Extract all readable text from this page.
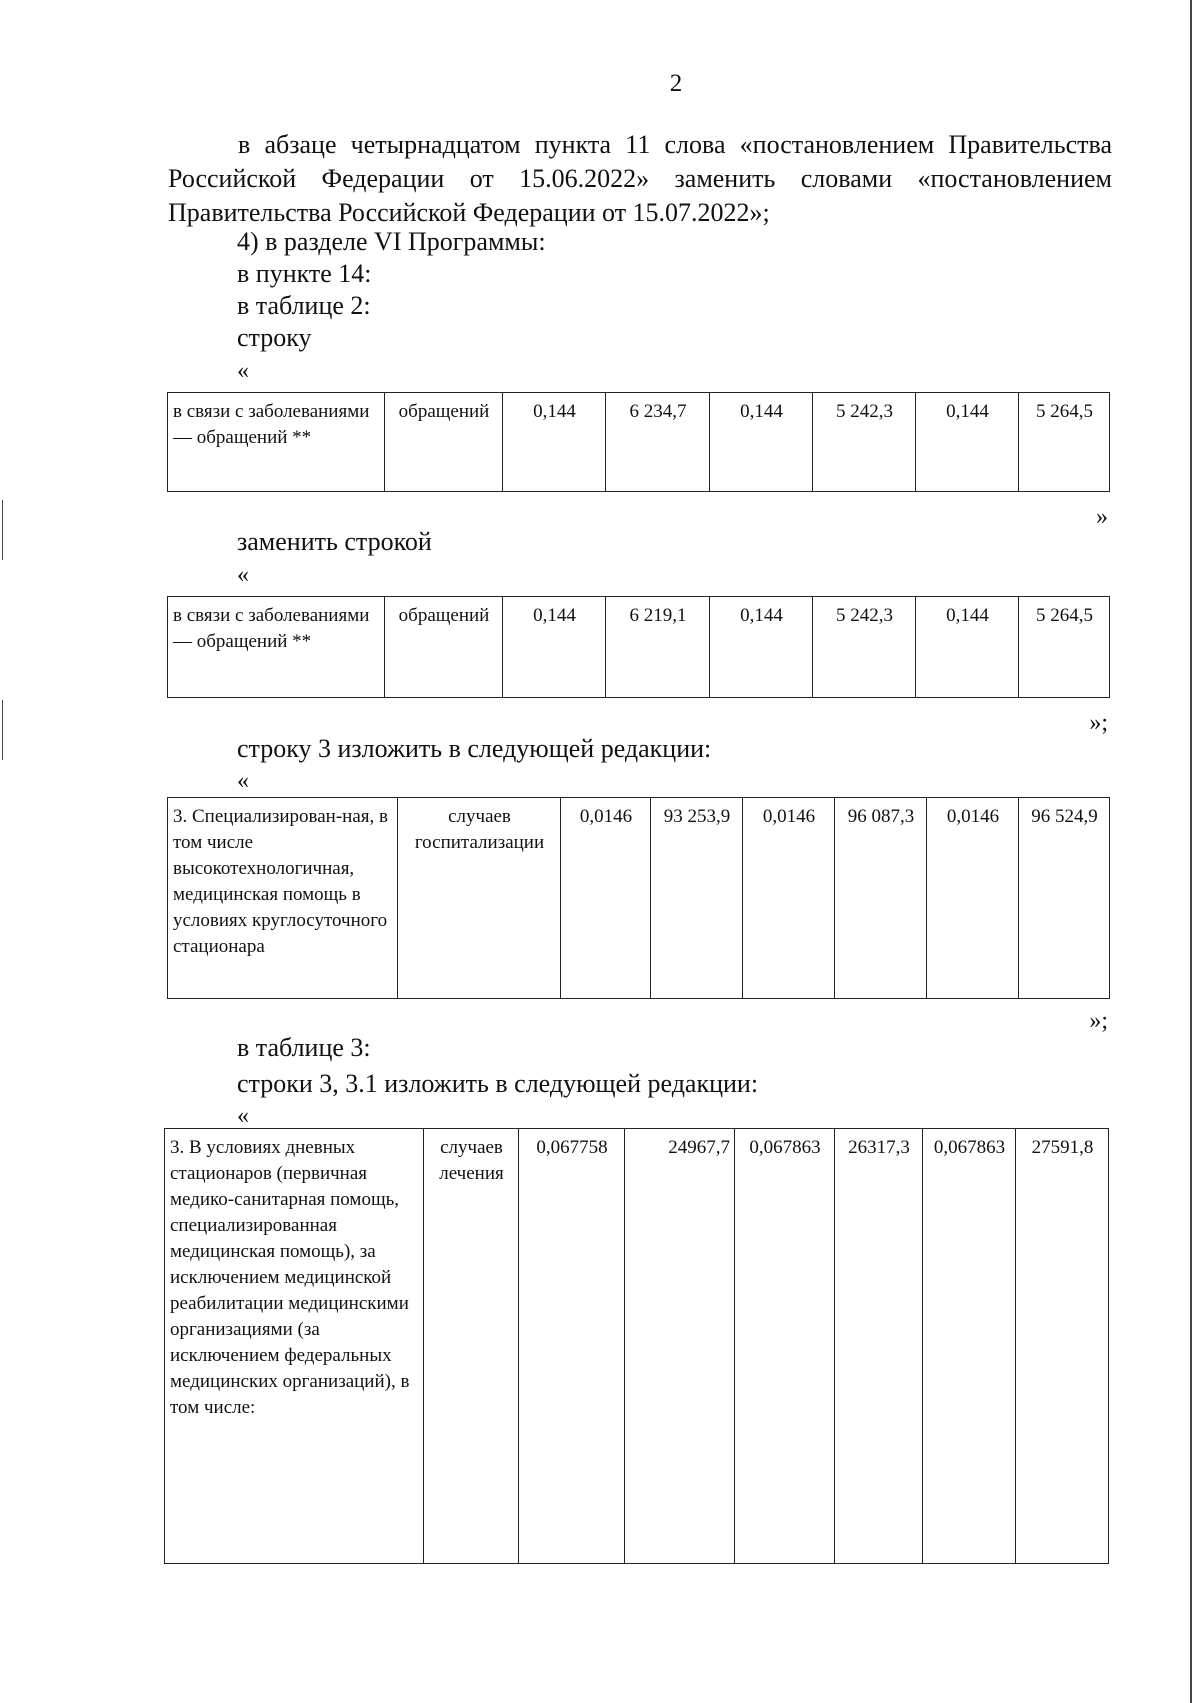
2
в абзаце четырнадцатом пункта 11 слова «постановлением Правительства Российской Федерации от 15.06.2022» заменить словами «постановлением Правительства Российской Федерации от 15.07.2022»;
4) в разделе VI Программы:
в пункте 14:
в таблице 2:
строку
«
в связи с заболеваниями — обращений **	обращений	0,144	6 234,7	0,144	5 242,3	0,144	5 264,5
»
заменить строкой
«
в связи с заболеваниями — обращений **	обращений	0,144	6 219,1	0,144	5 242,3	0,144	5 264,5
»;
строку 3 изложить в следующей редакции:
«
3. Специализирован-ная, в том числе высокотехнологичная, медицинская помощь в условиях круглосуточного стационара	случаев госпитализации	0,0146	93 253,9	0,0146	96 087,3	0,0146	96 524,9
»;
в таблице 3:
строки 3, 3.1 изложить в следующей редакции:
«
3. В условиях дневных стационаров (первичная медико-санитарная помощь, специализированная медицинская помощь), за исключением медицинской реабилитации медицинскими организациями (за исключением федеральных медицинских организаций), в том числе:	случаев лечения	0,067758	24967,7	0,067863	26317,3	0,067863	27591,8
